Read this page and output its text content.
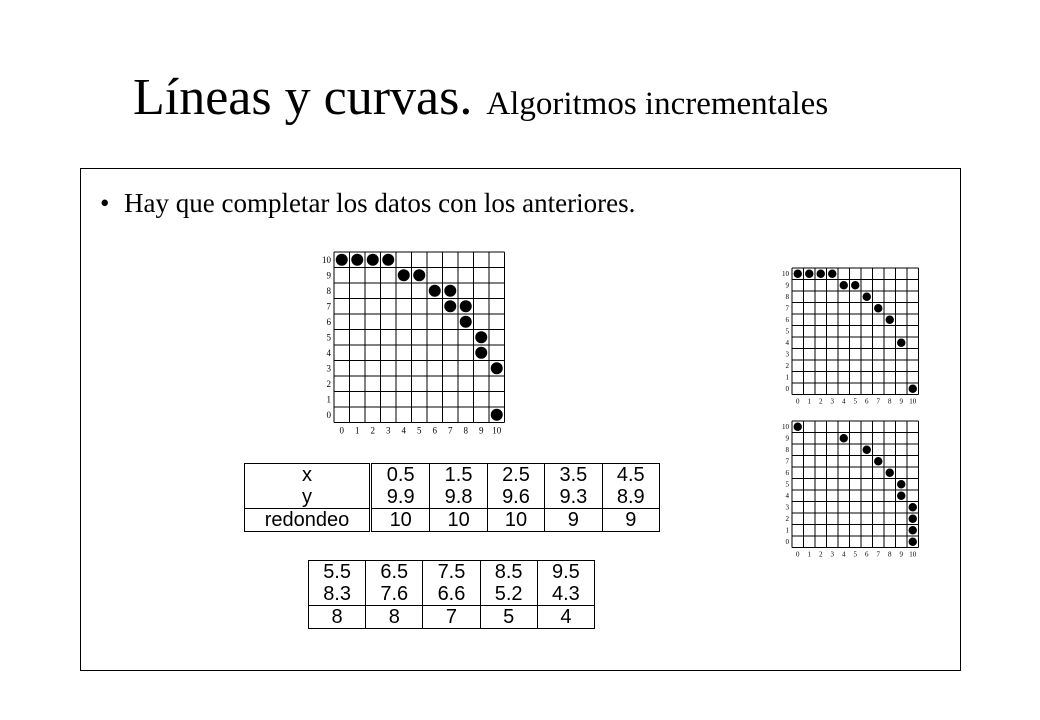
Líneas y curvas. Algoritmos incrementales
• Hay que completar los datos con los anteriores.
0
0
1
1
2
2
3
3
4
4
5
5
6
6
7
7
8
8
9
9
10
10
0
0
1
1
2
2
3
3
4
4
5
5
6
6
7
7
8
8
9
9
10
10
0
0
1
1
2
2
3
3
4
4
5
5
6
6
7
7
8
8
9
9
10
10
x	0.5	1.5	2.5	3.5	4.5
y	9.9	9.8	9.6	9.3	8.9
redondeo	10	10	10	9	9
5.5	6.5	7.5	8.5	9.5
8.3	7.6	6.6	5.2	4.3
8	8	7	5	4
